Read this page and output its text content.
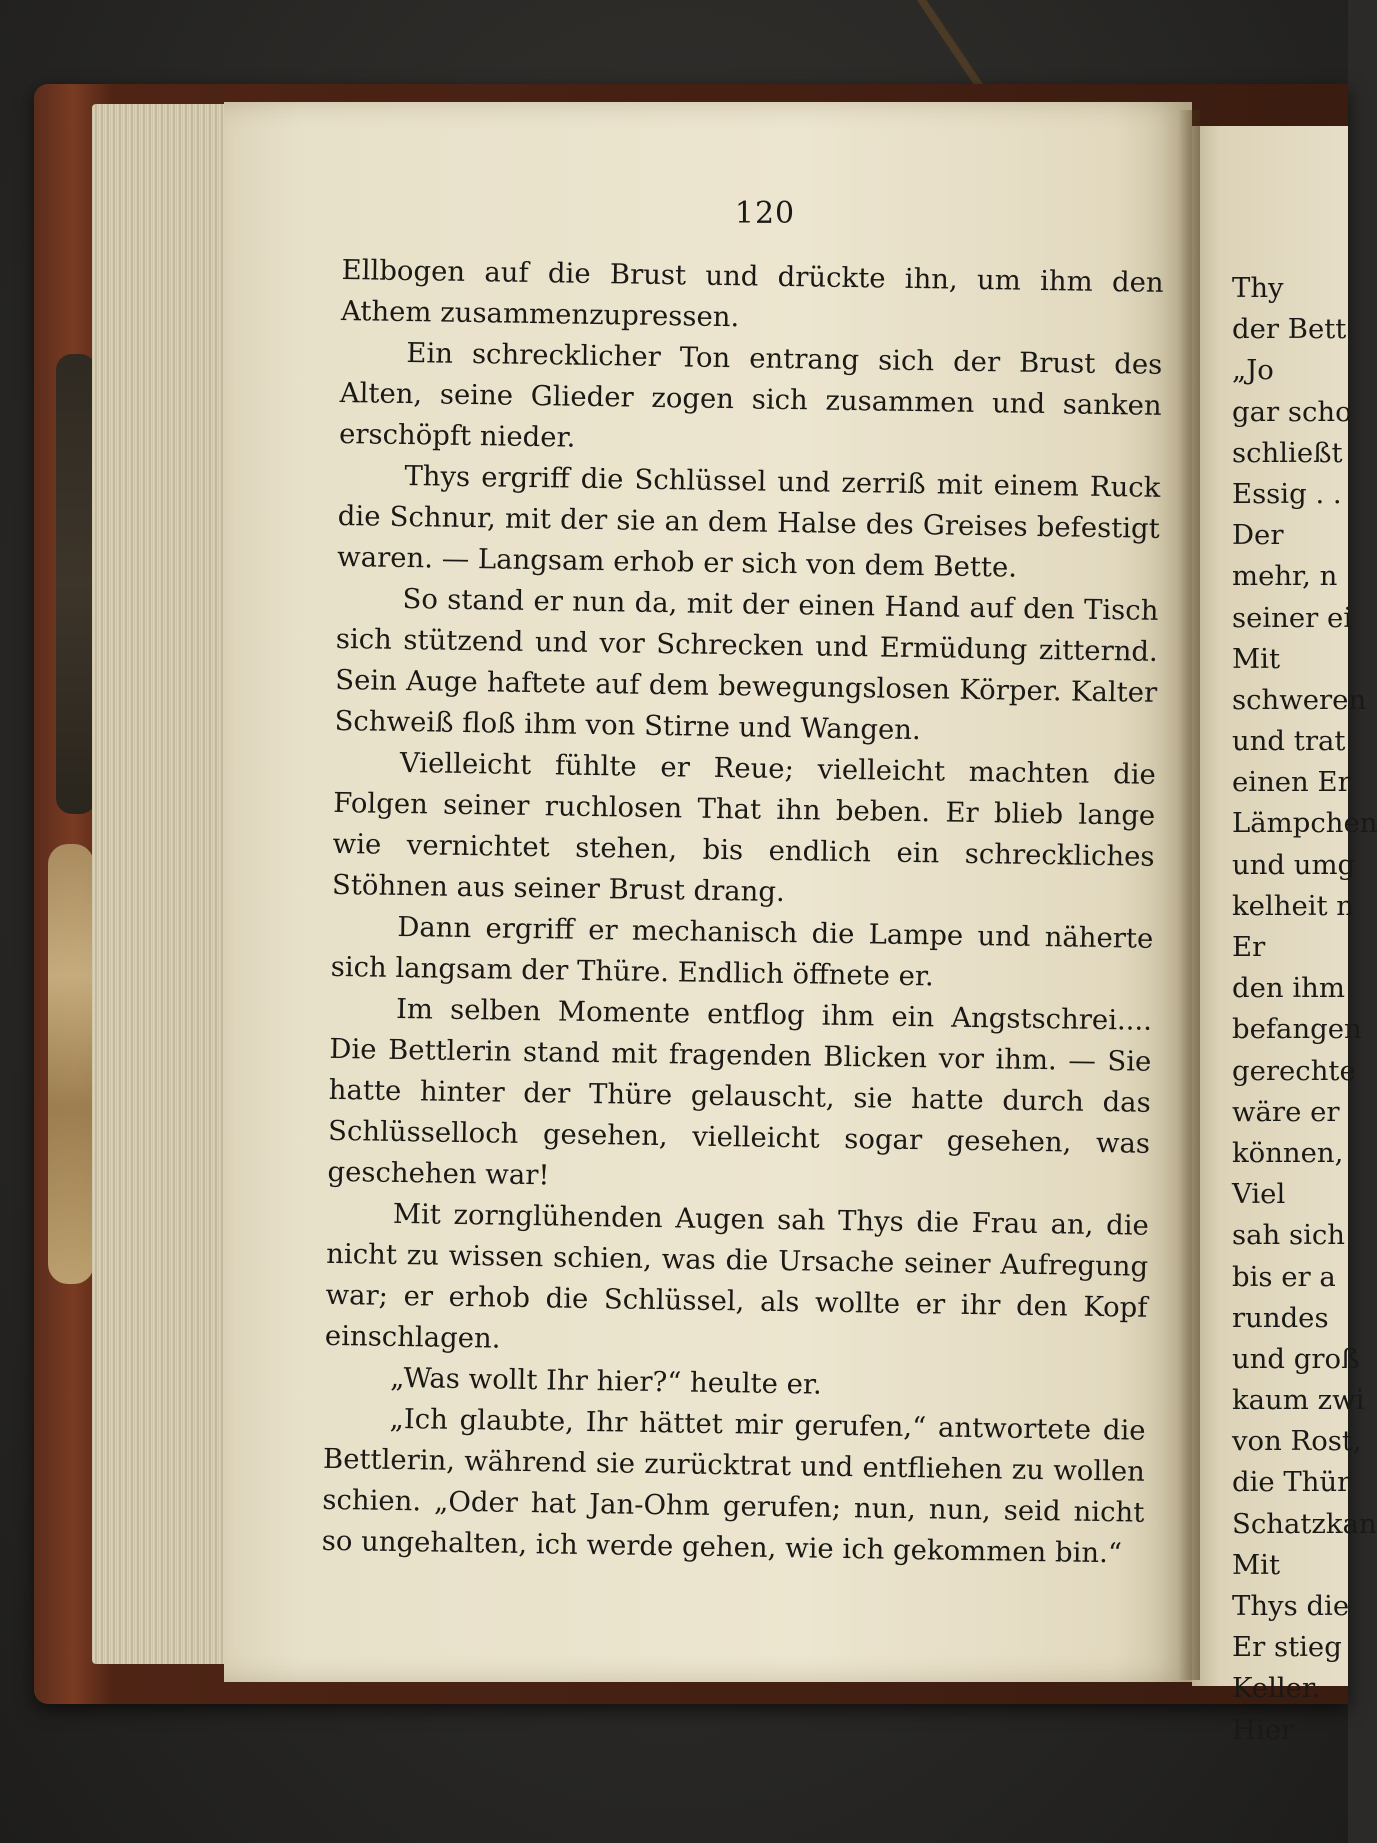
120

Ellbogen auf die Brust und drückte ihn, um ihm den Athem zusammenzupressen.

Ein schrecklicher Ton entrang sich der Brust des Alten, seine Glieder zogen sich zusammen und sanken erschöpft nieder.

Thys ergriff die Schlüssel und zerriß mit einem Ruck die Schnur, mit der sie an dem Halse des Greises befestigt waren. — Langsam erhob er sich von dem Bette.

So stand er nun da, mit der einen Hand auf den Tisch sich stützend und vor Schrecken und Ermüdung zitternd. Sein Auge haftete auf dem bewegungslosen Körper. Kalter Schweiß floß ihm von Stirne und Wangen.

Vielleicht fühlte er Reue; vielleicht machten die Folgen seiner ruchlosen That ihn beben. Er blieb lange wie vernichtet stehen, bis endlich ein schreckliches Stöhnen aus seiner Brust drang.

Dann ergriff er mechanisch die Lampe und näherte sich langsam der Thüre. Endlich öffnete er.

Im selben Momente entflog ihm ein Angstschrei.... Die Bettlerin stand mit fragenden Blicken vor ihm. — Sie hatte hinter der Thüre gelauscht, sie hatte durch das Schlüsselloch gesehen, vielleicht sogar gesehen, was geschehen war!

Mit zornglühenden Augen sah Thys die Frau an, die nicht zu wissen schien, was die Ursache seiner Aufregung war; er erhob die Schlüssel, als wollte er ihr den Kopf einschlagen.

„Was wollt Ihr hier?“ heulte er.

„Ich glaubte, Ihr hättet mir gerufen,“ antwortete die Bettlerin, während sie zurücktrat und entfliehen zu wollen schien. „Oder hat Jan-Ohm gerufen; nun, nun, seid nicht so ungehalten, ich werde gehen, wie ich gekommen bin.“

Thy
der Bett
„Jo
gar scho
schließt
Essig . .
Der
mehr, n
seiner ei
Mit
schweren
und trat
einen Er
Lämpchen
und umg
kelheit n
Er
den ihm
befangen
gerechte
wäre er
können,
Viel
sah sich
bis er a
rundes
und groß
kaum zwi
von Rost,
die Thür
Schatzkan
Mit
Thys die
Er stieg
Keller.
Hier
